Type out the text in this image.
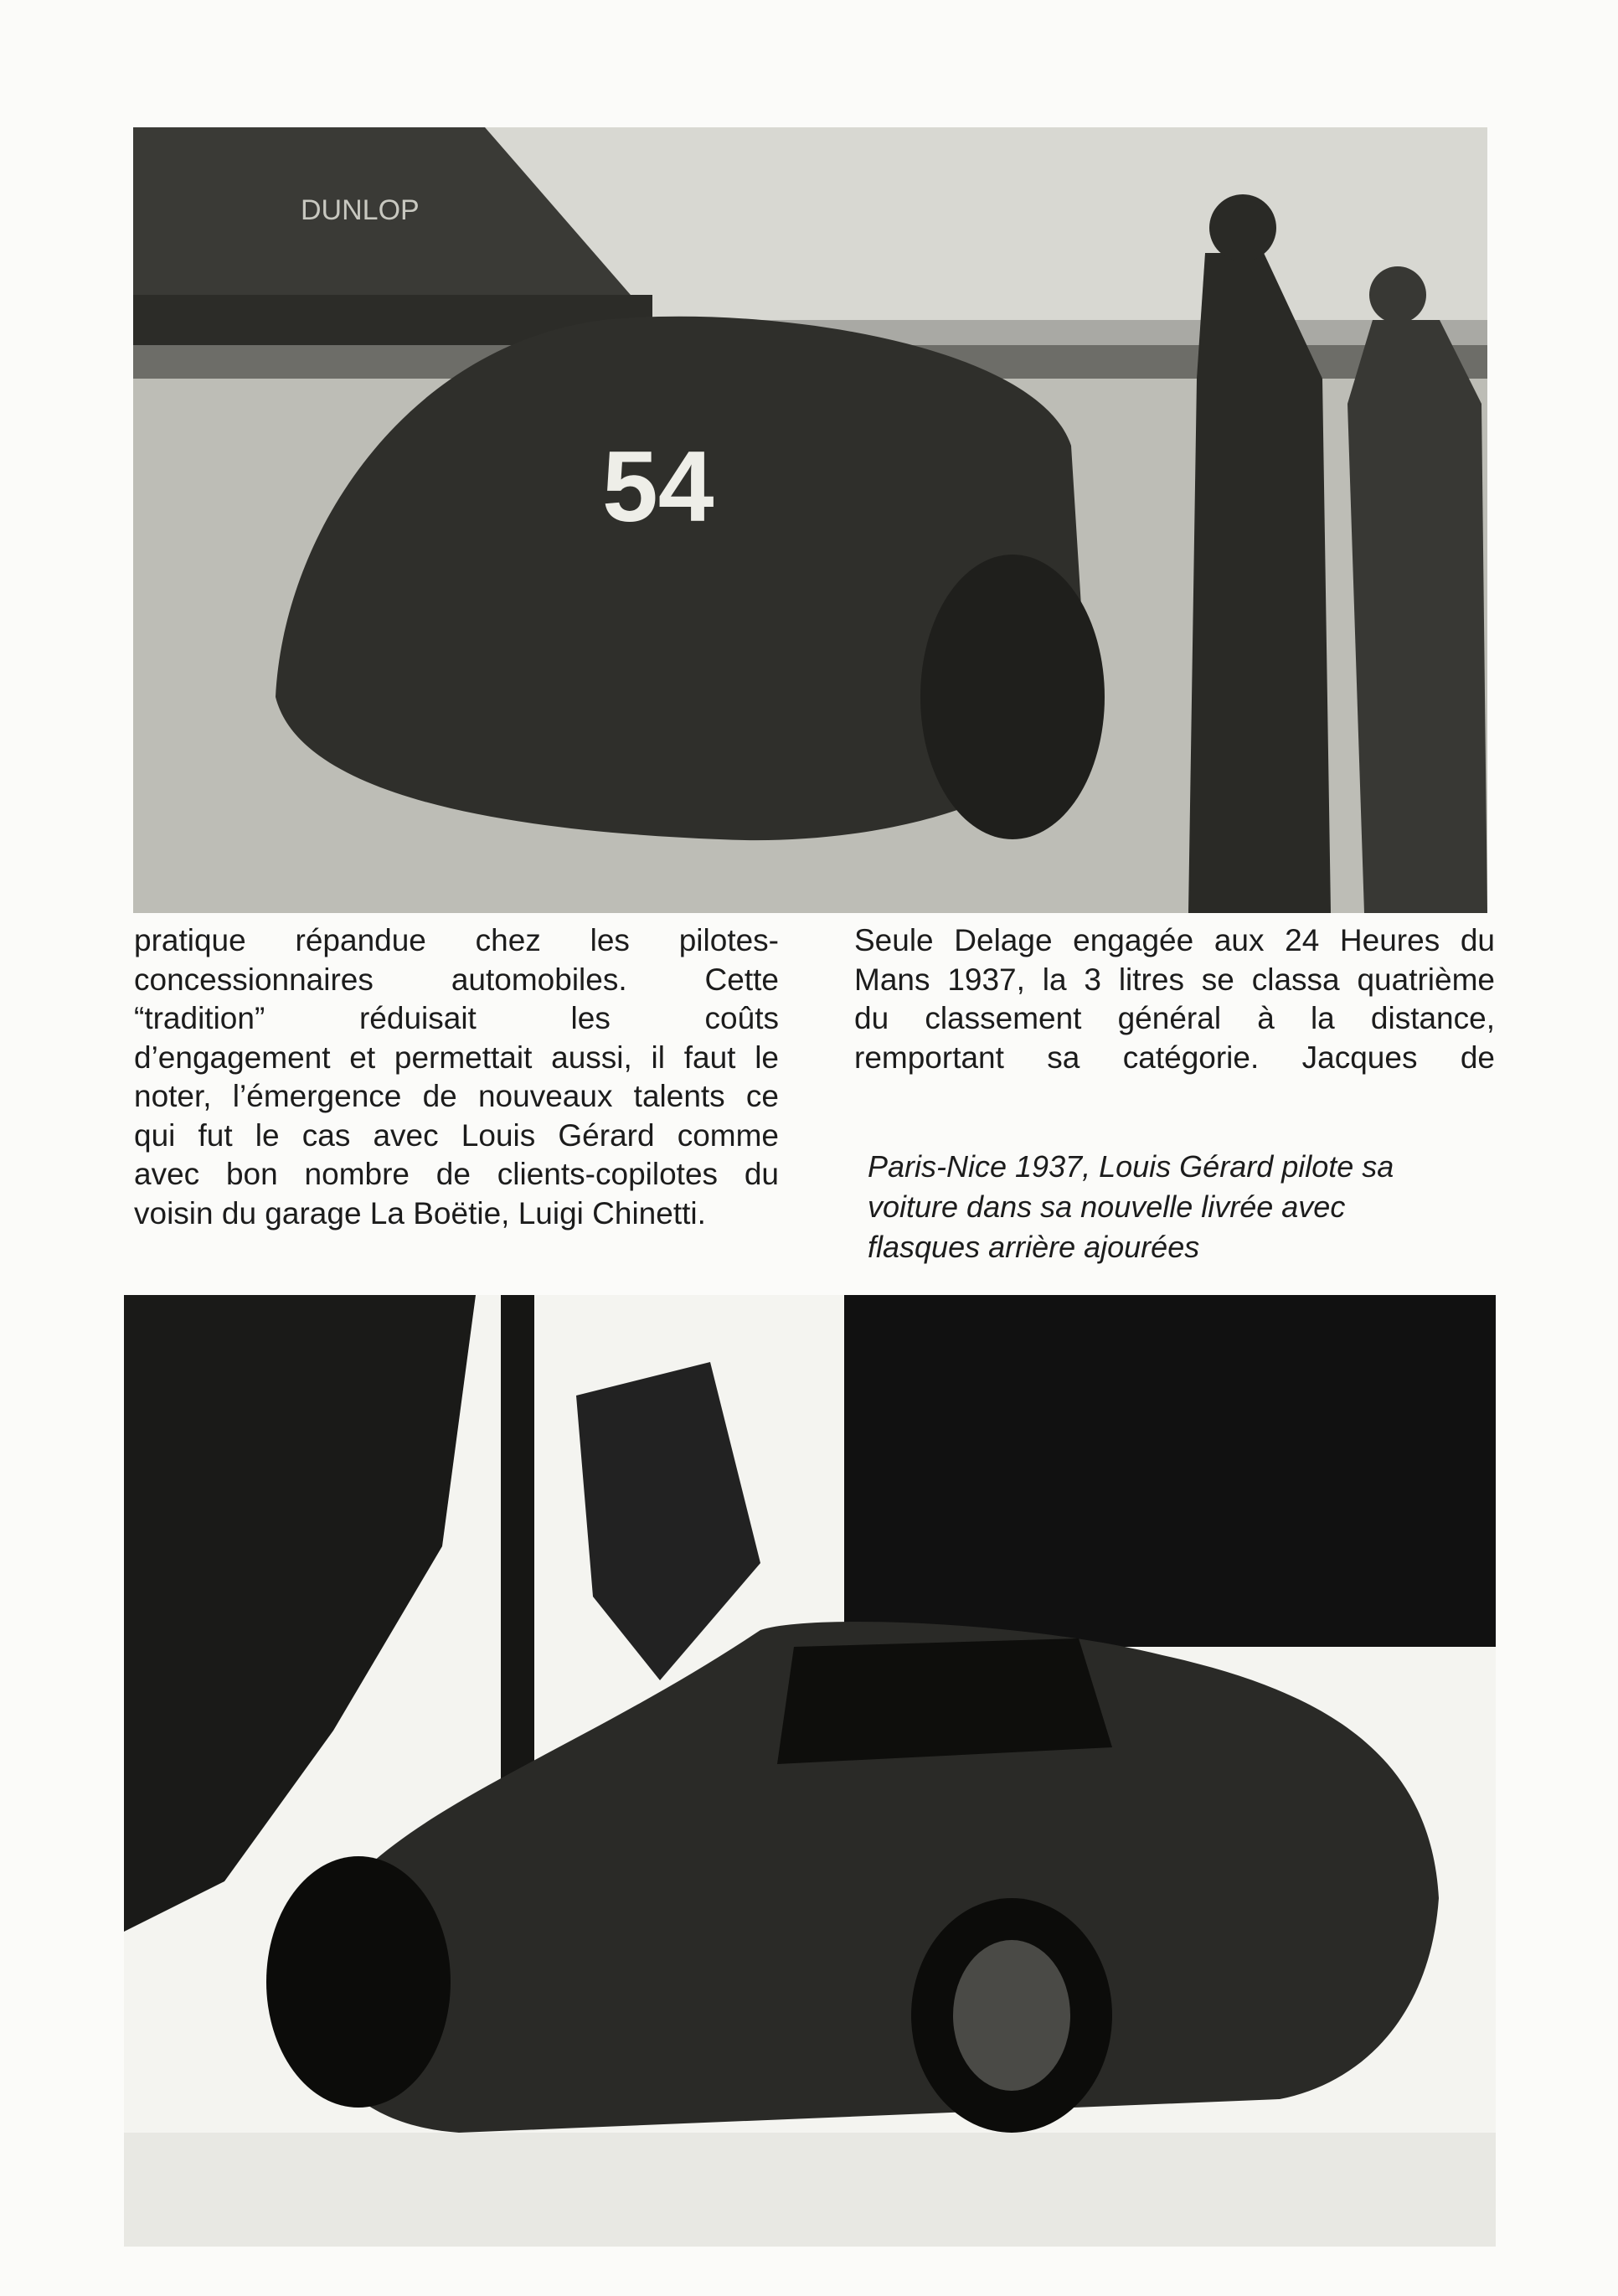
54
DUNLOP
pratique répandue chez les pilotes-
concessionnaires automobiles. Cette
“tradition” réduisait les coûts
d’engagement et permettait aussi, il faut le
noter, l’émergence de nouveaux talents ce
qui fut le cas avec Louis Gérard comme
avec bon nombre de clients-copilotes du
voisin du garage La Boëtie, Luigi Chinetti.
Seule Delage engagée aux 24 Heures du
Mans 1937, la 3 litres se classa quatrième
du classement général à la distance,
remportant sa catégorie. Jacques de
Paris-Nice 1937, Louis Gérard pilote sa
voiture dans sa nouvelle livrée avec
flasques arrière ajourées
